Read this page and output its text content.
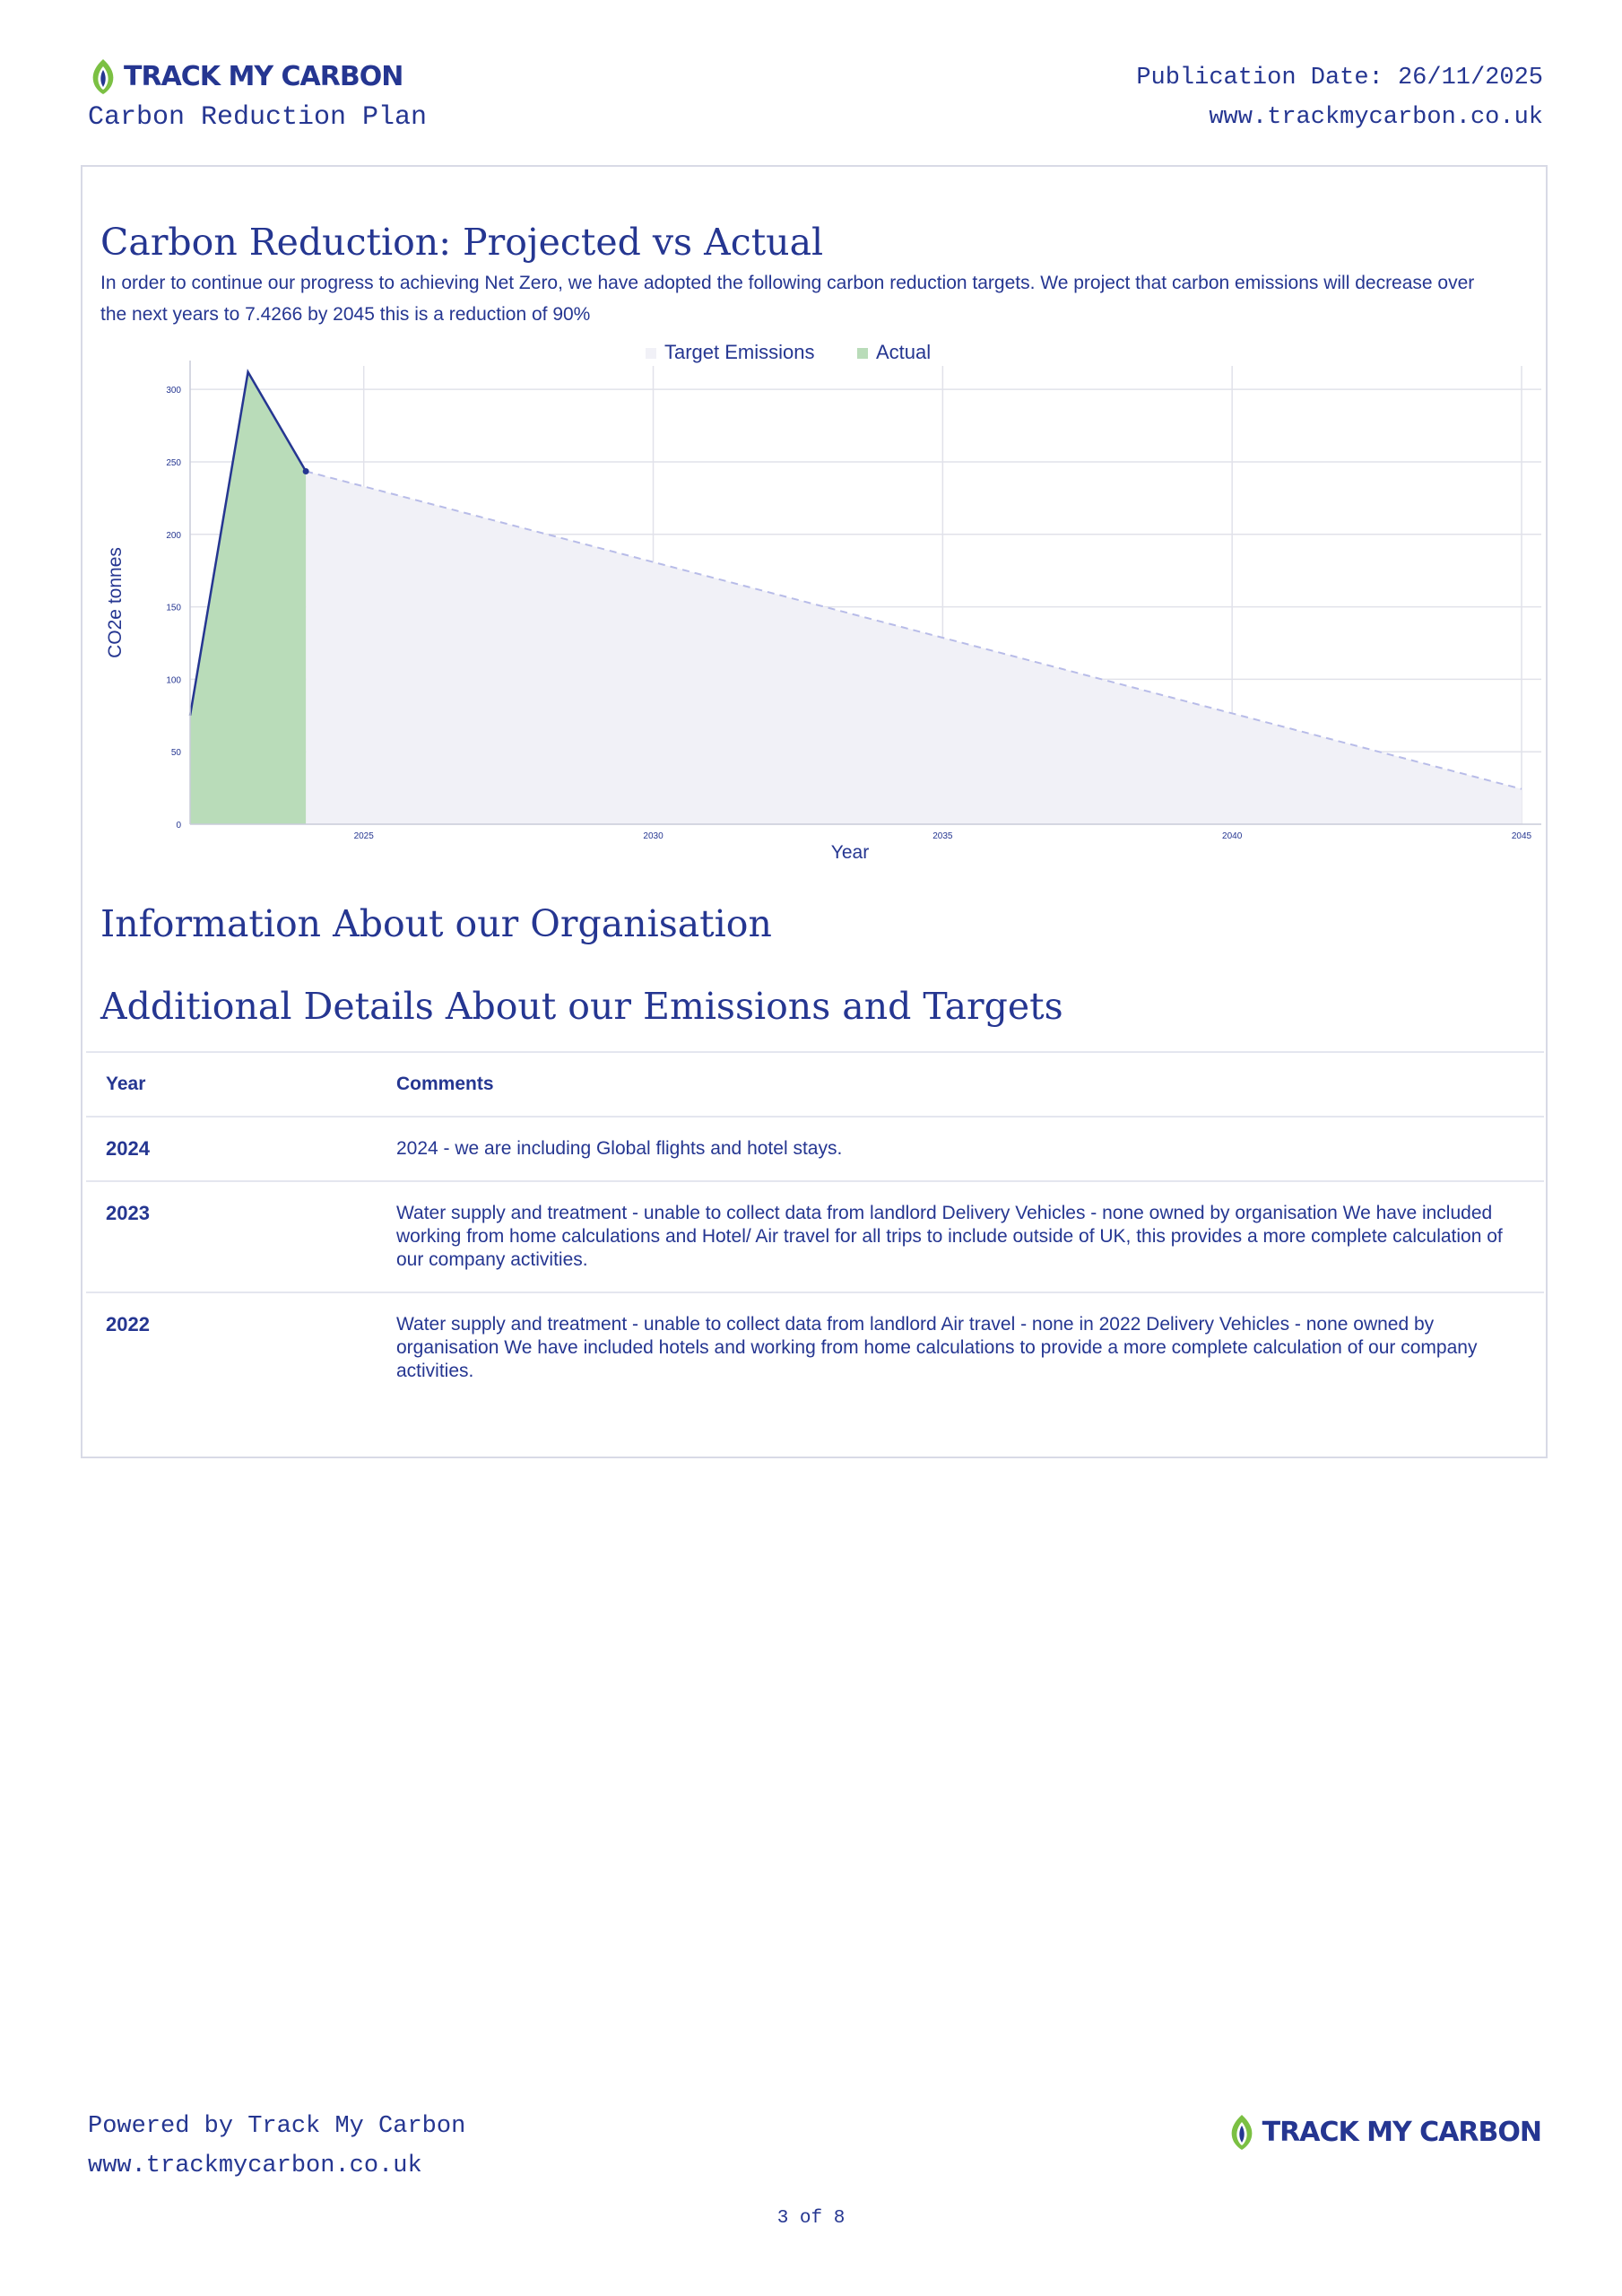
TRACK MY CARBON
Carbon Reduction Plan
Publication Date: 26/11/2025
www.trackmycarbon.co.uk
Carbon Reduction: Projected vs Actual
In order to continue our progress to achieving Net Zero, we have adopted the following carbon reduction targets. We project that carbon emissions will decrease over the next years to 7.4266 by 2045 this is a reduction of 90%
Target Emissions	Actual
0
50
100
150
200
250
300
2025	2030	2035	2040	2045
Year
CO2e tonnes
Information About our Organisation
Additional Details About our Emissions and Targets
Year	Comments
2024	2024 - we are including Global flights and hotel stays.
2023	Water supply and treatment - unable to collect data from landlord Delivery Vehicles - none owned by organisation We have included working from home calculations and Hotel/ Air travel for all trips to include outside of UK, this provides a more complete calculation of our company activities.
2022	Water supply and treatment - unable to collect data from landlord Air travel - none in 2022 Delivery Vehicles - none owned by organisation We have included hotels and working from home calculations to provide a more complete calculation of our company activities.
Powered by Track My Carbon
www.trackmycarbon.co.uk
TRACK MY CARBON
3 of 8
